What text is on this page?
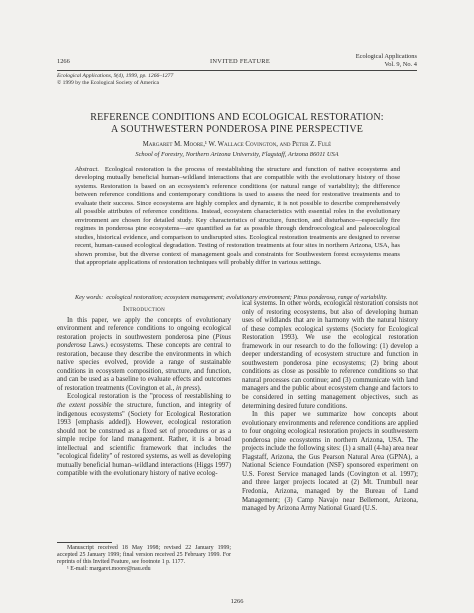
1266	INVITED FEATURE
Ecological Applications
Vol. 9, No. 4
Ecological Applications, 9(4), 1999, pp. 1266–1277
© 1999 by the Ecological Society of America
REFERENCE CONDITIONS AND ECOLOGICAL RESTORATION:
A SOUTHWESTERN PONDEROSA PINE PERSPECTIVE
Margaret M. Moore,¹ W. Wallace Covington, and Peter Z. Fulé
School of Forestry, Northern Arizona University, Flagstaff, Arizona 86011 USA
Abstract. Ecological restoration is the process of reestablishing the structure and function of native ecosystems and developing mutually beneficial human–wildland interactions that are compatible with the evolutionary history of those systems. Restoration is based on an ecosystem's reference conditions (or natural range of variability); the difference between reference conditions and contemporary conditions is used to assess the need for restorative treatments and to evaluate their success. Since ecosystems are highly complex and dynamic, it is not possible to describe comprehensively all possible attributes of reference conditions. Instead, ecosystem characteristics with essential roles in the evolutionary environment are chosen for detailed study. Key characteristics of structure, function, and disturbance—especially fire regimes in ponderosa pine ecosystems—are quantified as far as possible through dendroecological and paleoecological studies, historical evidence, and comparison to undisrupted sites. Ecological restoration treatments are designed to reverse recent, human-caused ecological degradation. Testing of restoration treatments at four sites in northern Arizona, USA, has shown promise, but the diverse context of management goals and constraints for Southwestern forest ecosystems means that appropriate applications of restoration techniques will probably differ in various settings.
Key words: ecological restoration; ecosystem management; evolutionary environment; Pinus ponderosa, range of variability.
Introduction

In this paper, we apply the concepts of evolutionary environment and reference conditions to ongoing ecological restoration projects in southwestern ponderosa pine (Pinus ponderosa Laws.) ecosystems. These concepts are central to restoration, because they describe the environments in which native species evolved, provide a range of sustainable conditions in ecosystem composition, structure, and function, and can be used as a baseline to evaluate effects and outcomes of restoration treatments (Covington et al., in press).

Ecological restoration is the ''process of reestablishing to the extent possible the structure, function, and integrity of indigenous ecosystems'' (Society for Ecological Restoration 1993 [emphasis added]). However, ecological restoration should not be construed as a fixed set of procedures or as a simple recipe for land management. Rather, it is a broad intellectual and scientific framework that includes the ''ecological fidelity'' of restored systems, as well as developing mutually beneficial human–wildland interactions (Higgs 1997) compatible with the evolutionary history of native ecolog-

ical systems. In other words, ecological restoration consists not only of restoring ecosystems, but also of developing human uses of wildlands that are in harmony with the natural history of these complex ecological systems (Society for Ecological Restoration 1993). We use the ecological restoration framework in our research to do the following: (1) develop a deeper understanding of ecosystem structure and function in southwestern ponderosa pine ecosystems; (2) bring about conditions as close as possible to reference conditions so that natural processes can continue; and (3) communicate with land managers and the public about ecosystem change and factors to be considered in setting management objectives, such as determining desired future conditions.

In this paper we summarize how concepts about evolutionary environments and reference conditions are applied to four ongoing ecological restoration projects in southwestern ponderosa pine ecosystems in northern Arizona, USA. The projects include the following sites: (1) a small (4-ha) area near Flagstaff, Arizona, the Gus Pearson Natural Area (GPNA), a National Science Foundation (NSF) sponsored experiment on U.S. Forest Service managed lands (Covington et al. 1997); and three larger projects located at (2) Mt. Trumbull near Fredonia, Arizona, managed by the Bureau of Land Management; (3) Camp Navajo near Bellemont, Arizona, managed by Arizona Army National Guard (U.S.

Manuscript received 18 May 1998; revised 22 January 1999; accepted 25 January 1999; final version received 25 February 1999. For reprints of this Invited Feature, see footnote 1 p. 1177.
¹ E-mail: margaret.moore@nau.edu
1266
